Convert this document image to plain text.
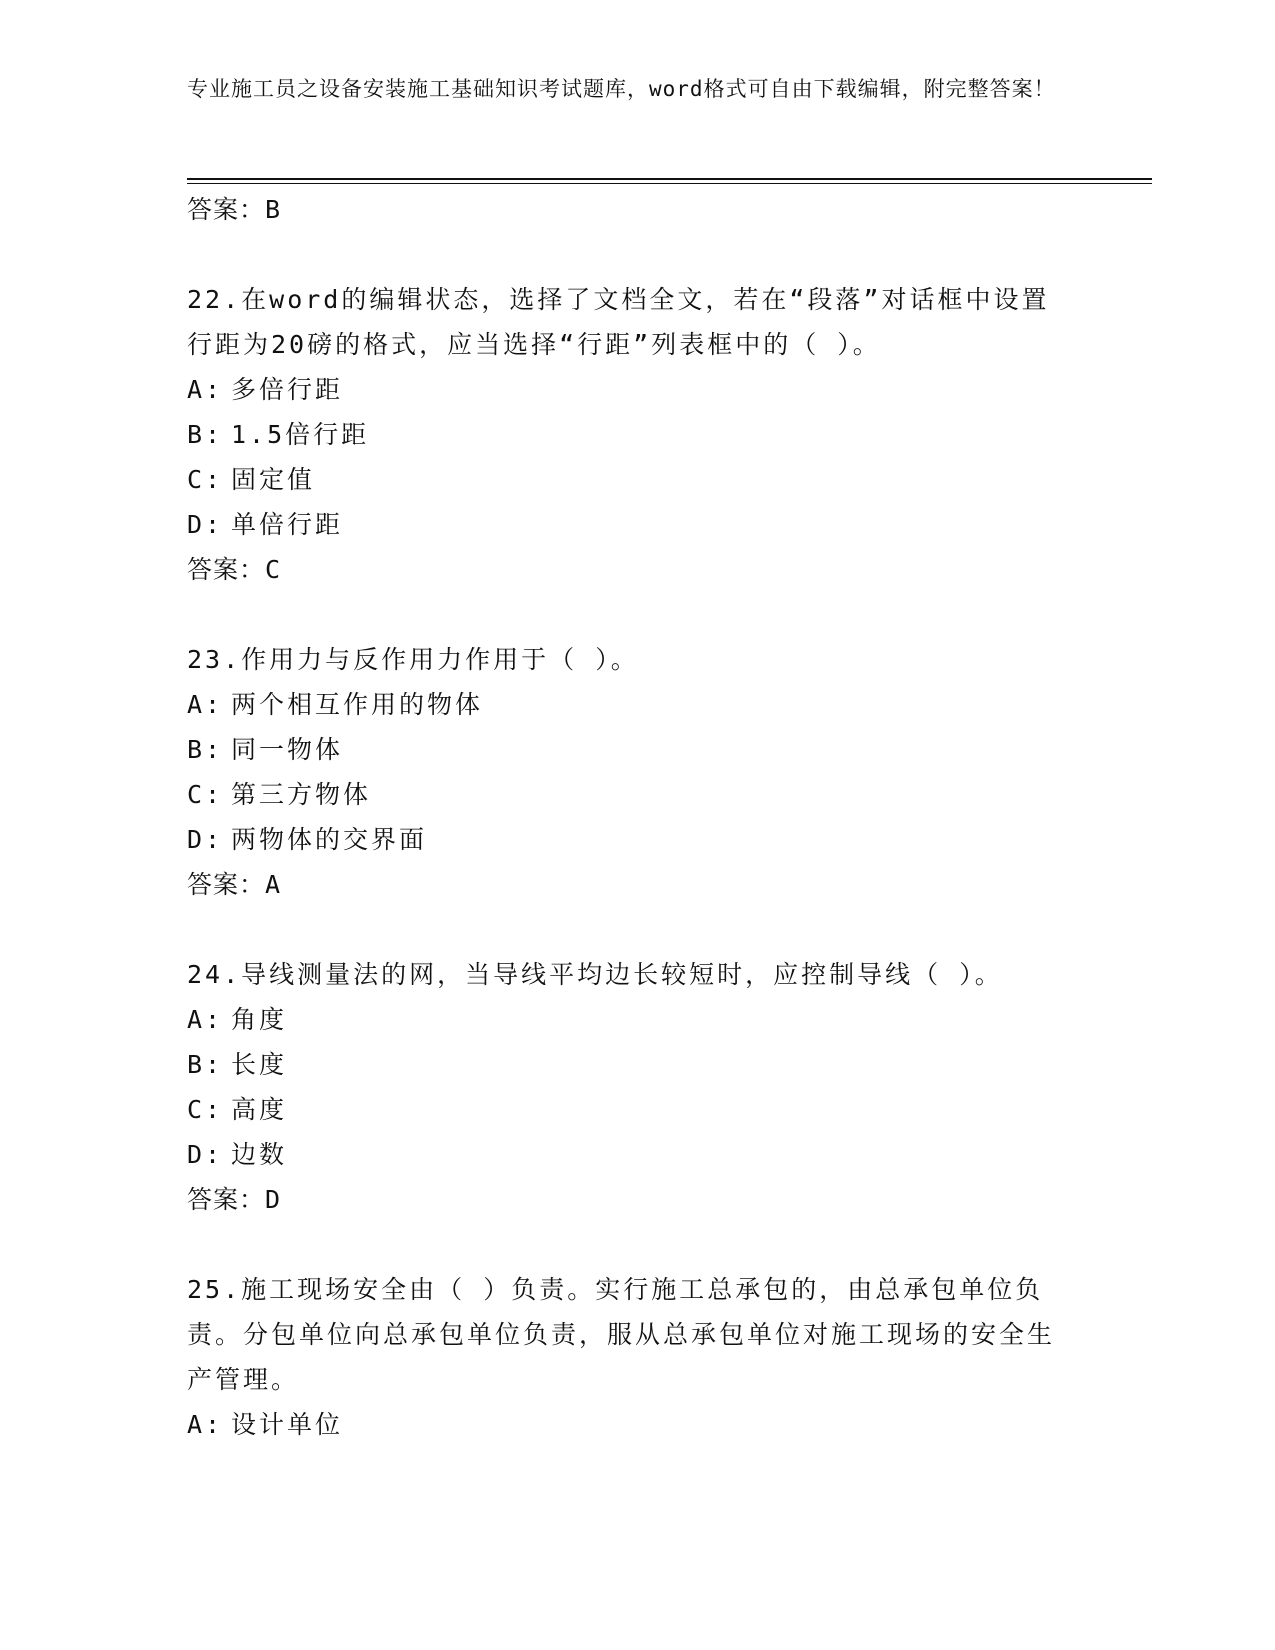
专业施工员之设备安装施工基础知识考试题库，word格式可自由下载编辑，附完整答案！
答案：B
22.在word的编辑状态，选择了文档全文，若在“段落”对话框中设置行距为20磅的格式，应当选择“行距”列表框中的（ ）。
A: 多倍行距
B: 1.5倍行距
C: 固定值
D: 单倍行距
答案：C
23.作用力与反作用力作用于（ ）。
A: 两个相互作用的物体
B: 同一物体
C: 第三方物体
D: 两物体的交界面
答案：A
24.导线测量法的网，当导线平均边长较短时，应控制导线（ ）。
A: 角度
B: 长度
C: 高度
D: 边数
答案：D
25.施工现场安全由（ ）负责。实行施工总承包的，由总承包单位负责。分包单位向总承包单位负责，服从总承包单位对施工现场的安全生产管理。
A: 设计单位
